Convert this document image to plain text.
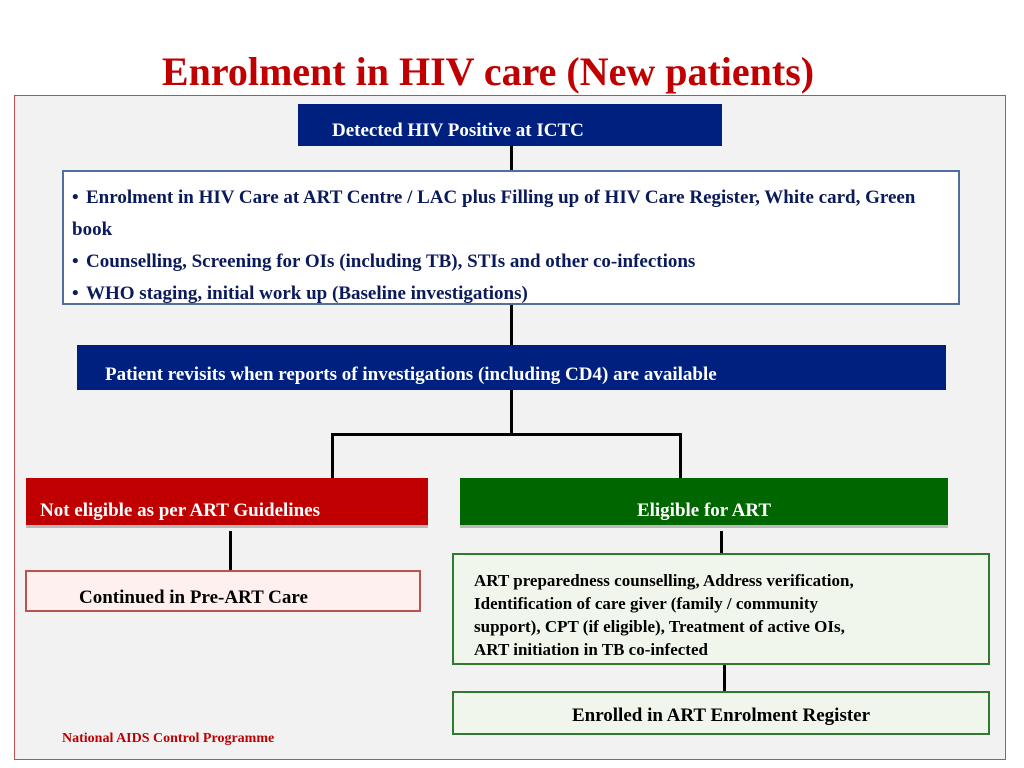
Enrolment in HIV care (New patients)
Detected HIV Positive at ICTC
• Enrolment in HIV Care at ART Centre / LAC plus Filling up of HIV Care Register, White card, Green book
• Counselling, Screening for OIs (including TB), STIs and other co-infections
• WHO staging, initial work up (Baseline investigations)
Patient revisits when reports of investigations (including CD4) are available
Not eligible as per ART Guidelines	Eligible for ART
Continued in Pre-ART Care
ART preparedness counselling, Address verification,
Identification of care giver (family / community
support), CPT (if eligible), Treatment of active OIs,
ART initiation in TB co-infected
Enrolled in ART Enrolment Register
National AIDS Control Programme
